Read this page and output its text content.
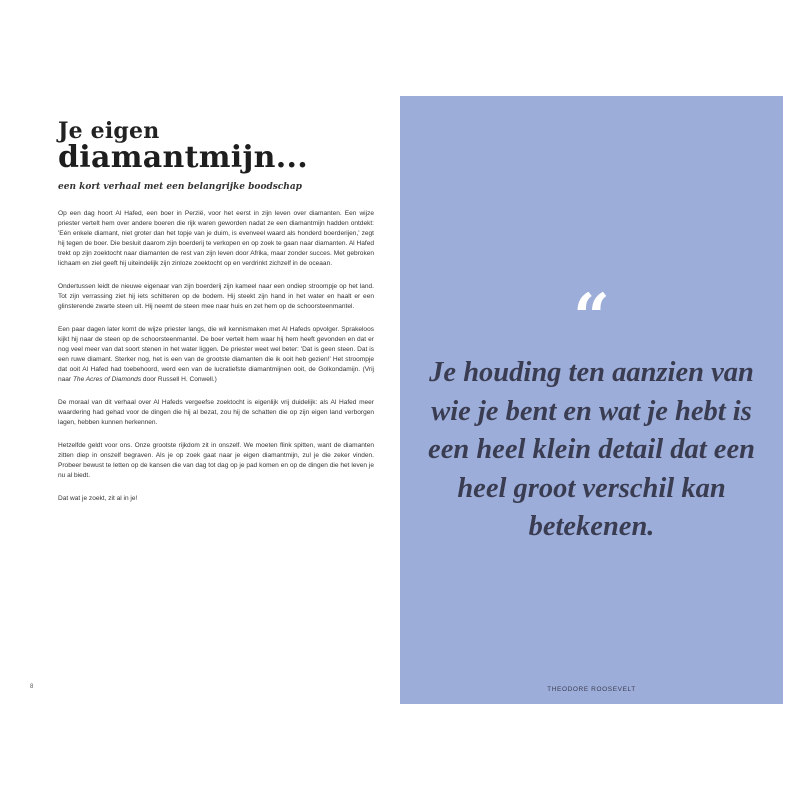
Je eigen
diamantmijn...
een kort verhaal met een belangrijke boodschap

Op een dag hoort Al Hafed, een boer in Perzië, voor het eerst in zijn leven over diamanten. Een wijze priester vertelt hem over andere boeren die rijk waren geworden nadat ze een diamantmijn hadden ontdekt: 'Eén enkele diamant, niet groter dan het topje van je duim, is evenveel waard als honderd boerderijen,' zegt hij tegen de boer. Die besluit daarom zijn boerderij te verkopen en op zoek te gaan naar diamanten. Al Hafed trekt op zijn zoektocht naar diamanten de rest van zijn leven door Afrika, maar zonder succes. Met gebroken lichaam en ziel geeft hij uiteindelijk zijn zinloze zoektocht op en verdrinkt zichzelf in de oceaan.

Ondertussen leidt de nieuwe eigenaar van zijn boerderij zijn kameel naar een ondiep stroompje op het land. Tot zijn verrassing ziet hij iets schitteren op de bodem. Hij steekt zijn hand in het water en haalt er een glinsterende zwarte steen uit. Hij neemt de steen mee naar huis en zet hem op de schoorsteenmantel.

Een paar dagen later komt de wijze priester langs, die wil kennismaken met Al Hafeds opvolger. Sprakeloos kijkt hij naar de steen op de schoorsteenmantel. De boer vertelt hem waar hij hem heeft gevonden en dat er nog veel meer van dat soort stenen in het water liggen. De priester weet wel beter: 'Dat is geen steen. Dat is een ruwe diamant. Sterker nog, het is een van de grootste diamanten die ik ooit heb gezien!' Het stroompje dat ooit Al Hafed had toebehoord, werd een van de lucratiefste diamantmijnen ooit, de Golkondamijn. (Vrij naar The Acres of Diamonds door Russell H. Conwell.)

De moraal van dit verhaal over Al Hafeds vergeefse zoektocht is eigenlijk vrij duidelijk: als Al Hafed meer waardering had gehad voor de dingen die hij al bezat, zou hij de schatten die op zijn eigen land verborgen lagen, hebben kunnen herkennen.

Hetzelfde geldt voor ons. Onze grootste rijkdom zit in onszelf. We moeten flink spitten, want de diamanten zitten diep in onszelf begraven. Als je op zoek gaat naar je eigen diamantmijn, zul je die zeker vinden. Probeer bewust te letten op de kansen die van dag tot dag op je pad komen en op de dingen die het leven je nu al biedt.

Dat wat je zoekt, zit al in je!

8
“

Je houding ten aanzien van wie je bent en wat je hebt is een heel klein detail dat een heel groot verschil kan betekenen.

THEODORE ROOSEVELT
